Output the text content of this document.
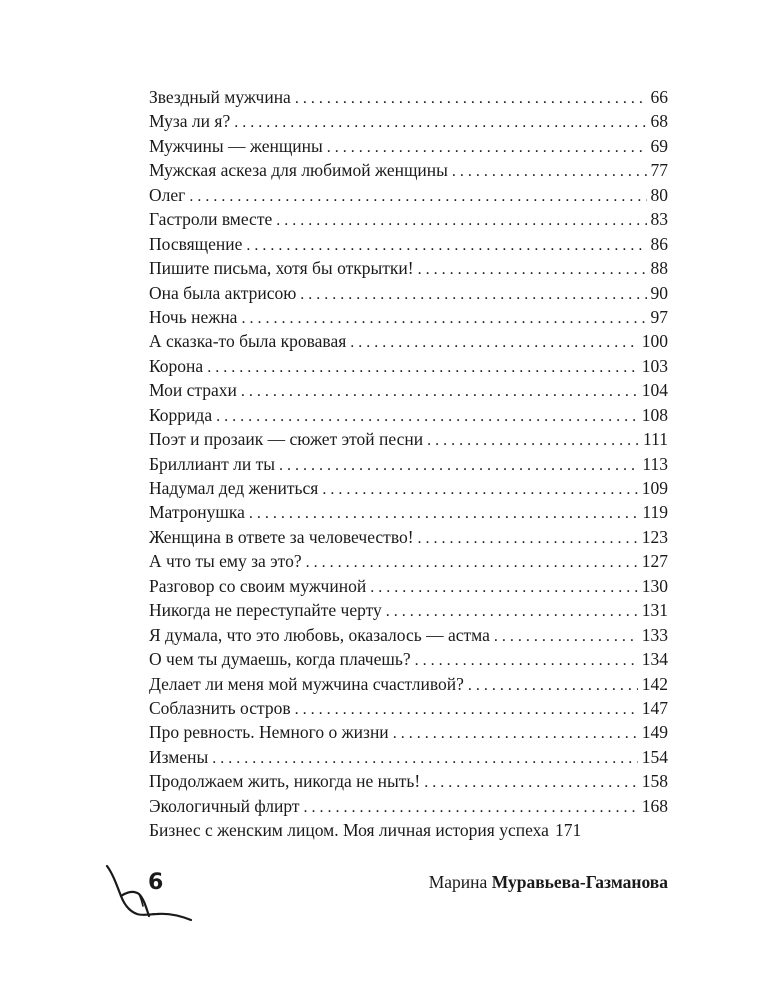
Звездный мужчина . . .	66
Муза ли я? . . .	68
Мужчины — женщины . . .	69
Мужская аскеза для любимой женщины . . .	77
Олег . . .	80
Гастроли вместе . . .	83
Посвящение . . .	86
Пишите письма, хотя бы открытки! . . .	88
Она была актрисою . . .	90
Ночь нежна . . .	97
А сказка-то была кровавая . . .	100
Корона . . .	103
Мои страхи . . .	104
Коррида . . .	108
Поэт и прозаик — сюжет этой песни . . .	111
Бриллиант ли ты . . .	113
Надумал дед жениться . . .	109
Матронушка . . .	119
Женщина в ответе за человечество! . . .	123
А что ты ему за это? . . .	127
Разговор со своим мужчиной . . .	130
Никогда не переступайте черту . . .	131
Я думала, что это любовь, оказалось — астма . . .	133
О чем ты думаешь, когда плачешь? . . .	134
Делает ли меня мой мужчина счастливой? . . .	142
Соблазнить остров . . .	147
Про ревность. Немного о жизни . . .	149
Измены . . .	154
Продолжаем жить, никогда не ныть! . . .	158
Экологичный флирт . . .	168
Бизнес с женским лицом. Моя личная история успеха 171
6	Марина Муравьева-Газманова
